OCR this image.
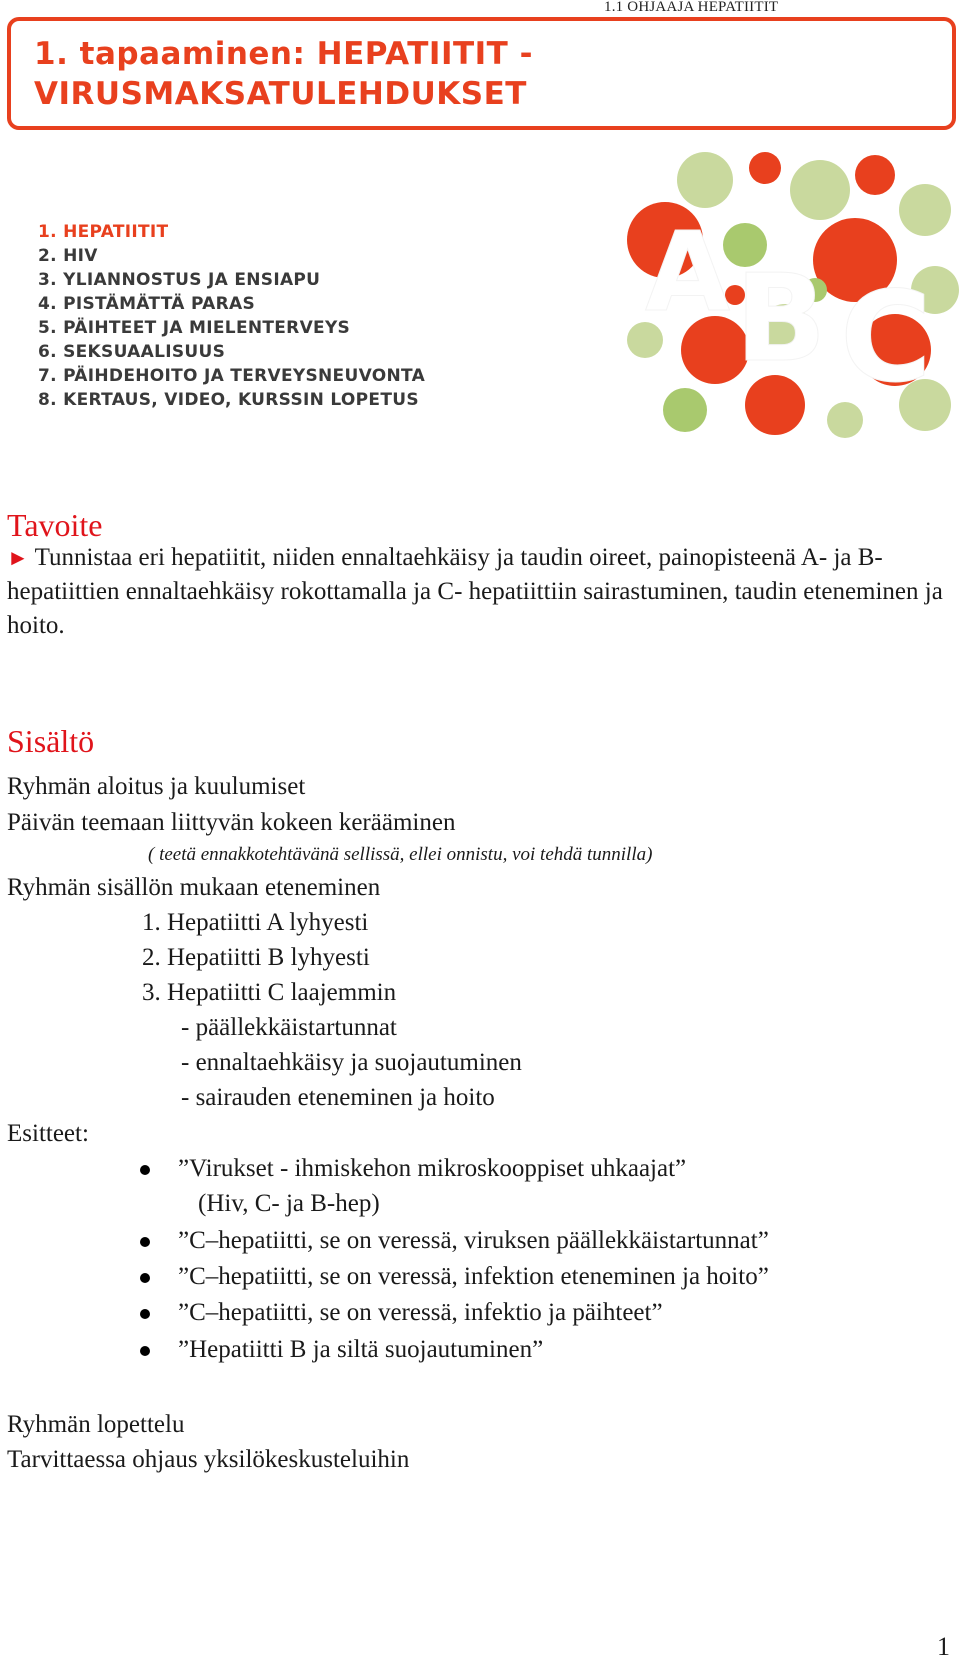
1.1 OHJAAJA HEPATIITIT
1. tapaaminen: HEPATIITIT -
VIRUSMAKSATULEHDUKSET
1. HEPATIITIT
2. HIV
3. YLIANNOSTUS JA ENSIAPU
4. PISTÄMÄTTÄ PARAS
5. PÄIHTEET JA MIELENTERVEYS
6. SEKSUAALISUUS
7. PÄIHDEHOITO JA TERVEYSNEUVONTA
8. KERTAUS, VIDEO, KURSSIN LOPETUS
A B C
Tavoite
► Tunnistaa eri hepatiitit, niiden ennaltaehkäisy ja taudin oireet, painopisteenä A- ja B-hepatiittien ennaltaehkäisy rokottamalla ja C- hepatiittiin sairastuminen, taudin eteneminen ja hoito.
Sisältö
Ryhmän aloitus ja kuulumiset
Päivän teemaan liittyvän kokeen kerääminen
( teetä ennakkotehtävänä sellissä, ellei onnistu, voi tehdä tunnilla)
Ryhmän sisällön mukaan eteneminen
1. Hepatiitti A lyhyesti
2. Hepatiitti B lyhyesti
3. Hepatiitti C laajemmin
- päällekkäistartunnat
- ennaltaehkäisy ja suojautuminen
- sairauden eteneminen ja hoito
Esitteet:
”Virukset - ihmiskehon mikroskooppiset uhkaajat”
(Hiv, C- ja B-hep)
”C–hepatiitti, se on veressä, viruksen päällekkäistartunnat”
”C–hepatiitti, se on veressä, infektion eteneminen ja hoito”
”C–hepatiitti, se on veressä, infektio ja päihteet”
”Hepatiitti B ja siltä suojautuminen”
Ryhmän lopettelu
Tarvittaessa ohjaus yksilökeskusteluihin
1
